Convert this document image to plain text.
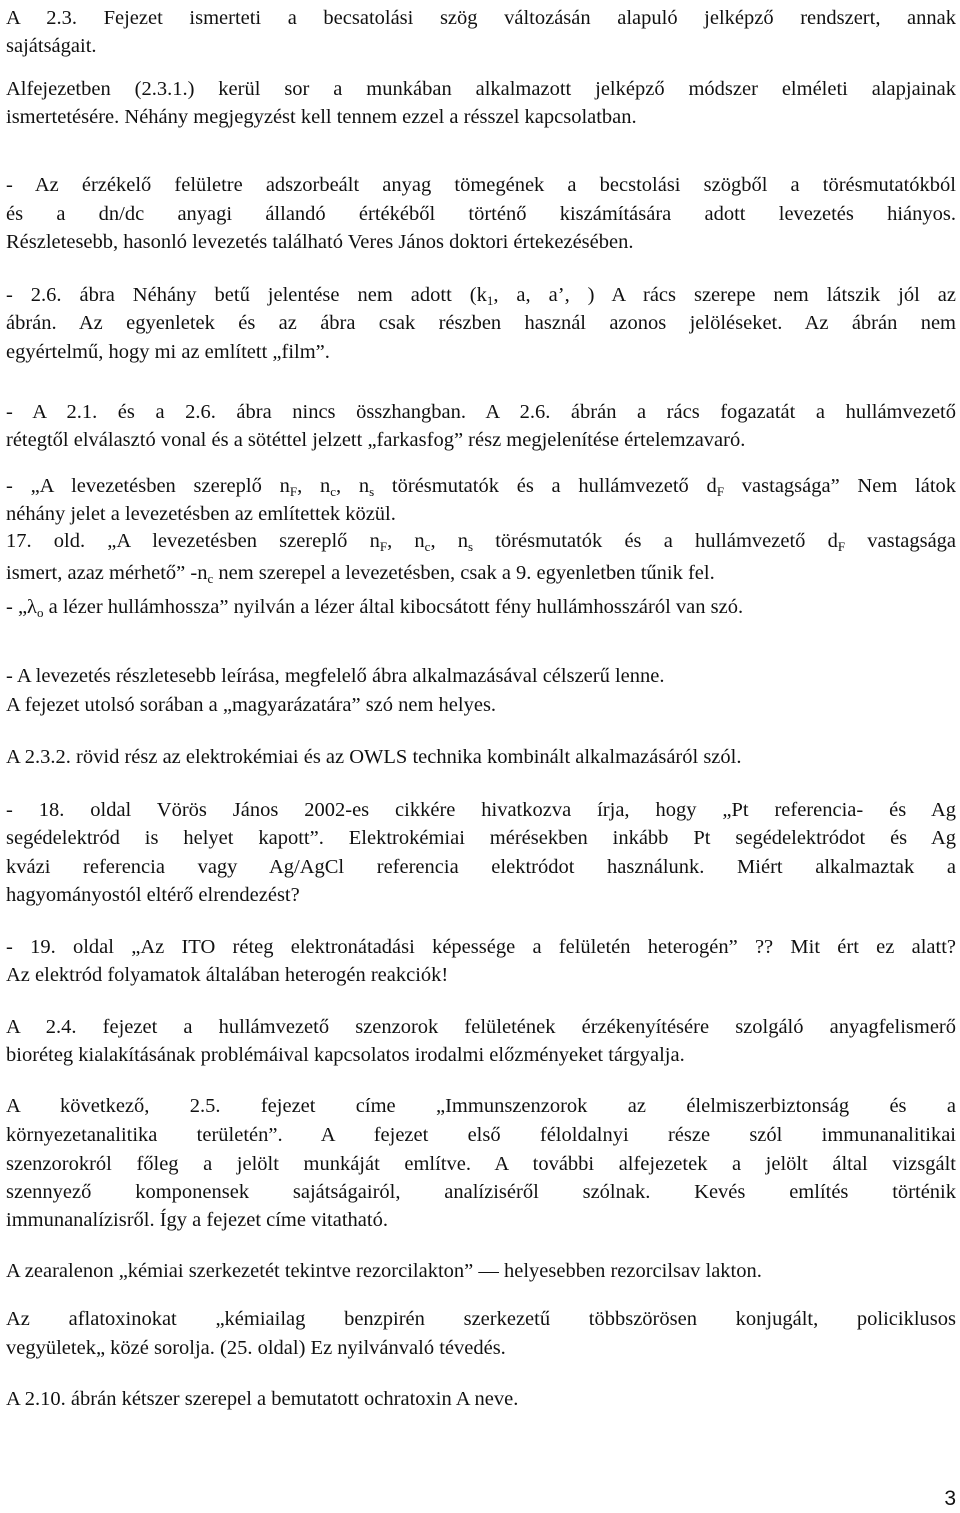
A 2.3. Fejezet ismerteti a becsatolási szög változásán alapuló jelképző rendszert, annak
sajátságait.
Alfejezetben (2.3.1.) kerül sor a munkában alkalmazott jelképző módszer elméleti alapjainak
ismertetésére. Néhány megjegyzést kell tennem ezzel a résszel kapcsolatban.
- Az érzékelő felületre adszorbeált anyag tömegének a becstolási szögből a törésmutatókból
és a dn/dc anyagi állandó értékéből történő kiszámítására adott levezetés hiányos.
Részletesebb, hasonló levezetés található Veres János doktori értekezésében.
- 2.6. ábra Néhány betű jelentése nem adott ($k_1$, a, a’, ) A rács szerepe nem látszik jól az
ábrán. Az egyenletek és az ábra csak részben használ azonos jelöléseket. Az ábrán nem
egyértelmű, hogy mi az említett „film”.
- A 2.1. és a 2.6. ábra nincs összhangban. A 2.6. ábrán a rács fogazatát a hullámvezető
rétegtől elválasztó vonal és a sötéttel jelzett „farkasfog” rész megjelenítése értelemzavaró.
- „A levezetésben szereplő $n_F$, $n_c$, $n_s$ törésmutatók és a hullámvezető $d_F$ vastagsága” Nem látok
néhány jelet a levezetésben az említettek közül.
17. old. „A levezetésben szereplő $n_F$, $n_c$, $n_s$ törésmutatók és a hullámvezető $d_F$ vastagsága
ismert, azaz mérhető” $-n_c$ nem szerepel a levezetésben, csak a 9. egyenletben tűnik fel.
- $„\lambda_o$ a lézer hullámhossza” nyilván a lézer által kibocsátott fény hullámhosszáról van szó.
- A levezetés részletesebb leírása, megfelelő ábra alkalmazásával célszerű lenne.
A fejezet utolsó sorában a „magyarázatára” szó nem helyes.
A 2.3.2. rövid rész az elektrokémiai és az OWLS technika kombinált alkalmazásáról szól.
- 18. oldal Vörös János 2002-es cikkére hivatkozva írja, hogy „Pt referencia- és Ag
segédelektród is helyet kapott”. Elektrokémiai mérésekben inkább Pt segédelektródot és Ag
kvázi referencia vagy Ag/AgCl referencia elektródot használunk. Miért alkalmaztak a
hagyományostól eltérő elrendezést?
- 19. oldal „Az ITO réteg elektronátadási képessége a felületén heterogén” ?? Mit ért ez alatt?
Az elektród folyamatok általában heterogén reakciók!
A 2.4. fejezet a hullámvezető szenzorok felületének érzékenyítésére szolgáló anyagfelismerő
bioréteg kialakításának problémáival kapcsolatos irodalmi előzményeket tárgyalja.
A következő, 2.5. fejezet címe „Immunszenzorok az élelmiszerbiztonság és a
környezetanalitika területén”. A fejezet első féloldalnyi része szól immunanalitikai
szenzorokról főleg a jelölt munkáját említve. A további alfejezetek a jelölt által vizsgált
szennyező komponensek sajátságairól, analíziséről szólnak. Kevés említés történik
immunanalízisről. Így a fejezet címe vitatható.
A zearalenon „kémiai szerkezetét tekintve rezorcilakton” — helyesebben rezorcilsav lakton.
Az aflatoxinokat „kémiailag benzpirén szerkezetű többszörösen konjugált, policiklusos
vegyületek„ közé sorolja. (25. oldal) Ez nyilvánvaló tévedés.
A 2.10. ábrán kétszer szerepel a bemutatott ochratoxin A neve.
3
